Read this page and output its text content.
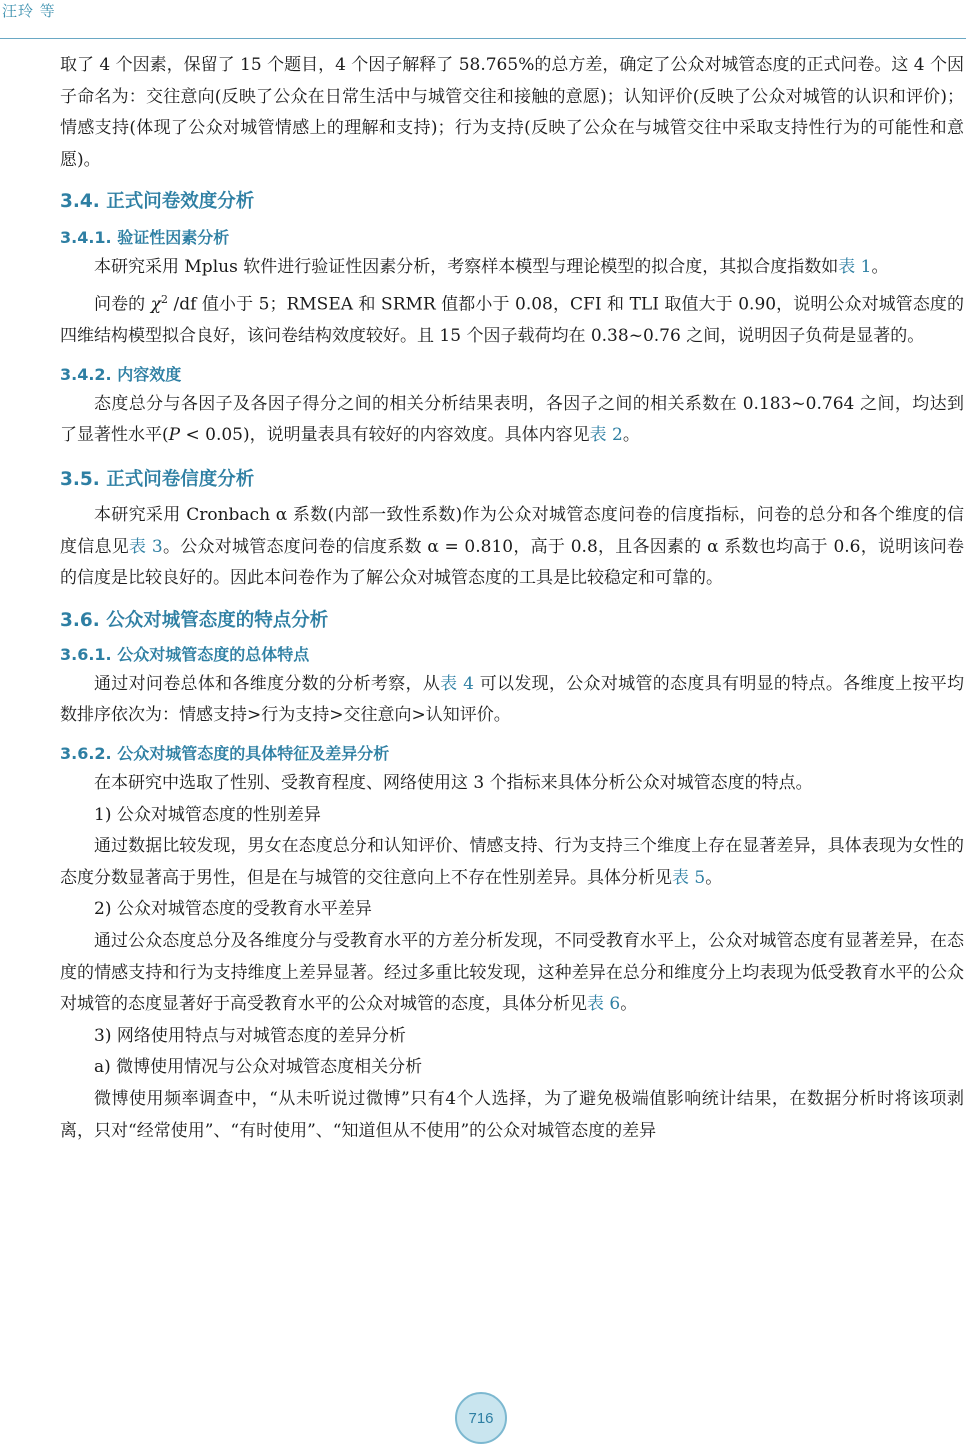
汪玲 等

取了 4 个因素，保留了 15 个题目，4 个因子解释了 58.765%的总方差，确定了公众对城管态度的正式问卷。这 4 个因子命名为：交往意向(反映了公众在日常生活中与城管交往和接触的意愿)；认知评价(反映了公众对城管的认识和评价)；情感支持(体现了公众对城管情感上的理解和支持)；行为支持(反映了公众在与城管交往中采取支持性行为的可能性和意愿)。

3.4. 正式问卷效度分析
3.4.1. 验证性因素分析

本研究采用 Mplus 软件进行验证性因素分析，考察样本模型与理论模型的拟合度，其拟合度指数如表 1。

问卷的 $\chi^2$ /df 值小于 5；RMSEA 和 SRMR 值都小于 0.08，CFI 和 TLI 取值大于 0.90，说明公众对城管态度的四维结构模型拟合良好，该问卷结构效度较好。且 15 个因子载荷均在 0.38~0.76 之间，说明因子负荷是显著的。

3.4.2. 内容效度

态度总分与各因子及各因子得分之间的相关分析结果表明，各因子之间的相关系数在 0.183~0.764 之间，均达到了显著性水平(P < 0.05)，说明量表具有较好的内容效度。具体内容见表 2。

3.5. 正式问卷信度分析

本研究采用 Cronbach α 系数(内部一致性系数)作为公众对城管态度问卷的信度指标，问卷的总分和各个维度的信度信息见表 3。公众对城管态度问卷的信度系数 α = 0.810，高于 0.8，且各因素的 α 系数也均高于 0.6，说明该问卷的信度是比较良好的。因此本问卷作为了解公众对城管态度的工具是比较稳定和可靠的。

3.6. 公众对城管态度的特点分析
3.6.1. 公众对城管态度的总体特点

通过对问卷总体和各维度分数的分析考察，从表 4 可以发现，公众对城管的态度具有明显的特点。各维度上按平均数排序依次为：情感支持>行为支持>交往意向>认知评价。

3.6.2. 公众对城管态度的具体特征及差异分析

在本研究中选取了性别、受教育程度、网络使用这 3 个指标来具体分析公众对城管态度的特点。

1) 公众对城管态度的性别差异

通过数据比较发现，男女在态度总分和认知评价、情感支持、行为支持三个维度上存在显著差异，具体表现为女性的态度分数显著高于男性，但是在与城管的交往意向上不存在性别差异。具体分析见表 5。

2) 公众对城管态度的受教育水平差异

通过公众态度总分及各维度分与受教育水平的方差分析发现，不同受教育水平上，公众对城管态度有显著差异，在态度的情感支持和行为支持维度上差异显著。经过多重比较发现，这种差异在总分和维度分上均表现为低受教育水平的公众对城管的态度显著好于高受教育水平的公众对城管的态度，具体分析见表 6。

3) 网络使用特点与对城管态度的差异分析

a) 微博使用情况与公众对城管态度相关分析

微博使用频率调查中，“从未听说过微博”只有4个人选择，为了避免极端值影响统计结果，在数据分析时将该项剥离，只对“经常使用”、“有时使用”、“知道但从不使用”的公众对城管态度的差异

716
